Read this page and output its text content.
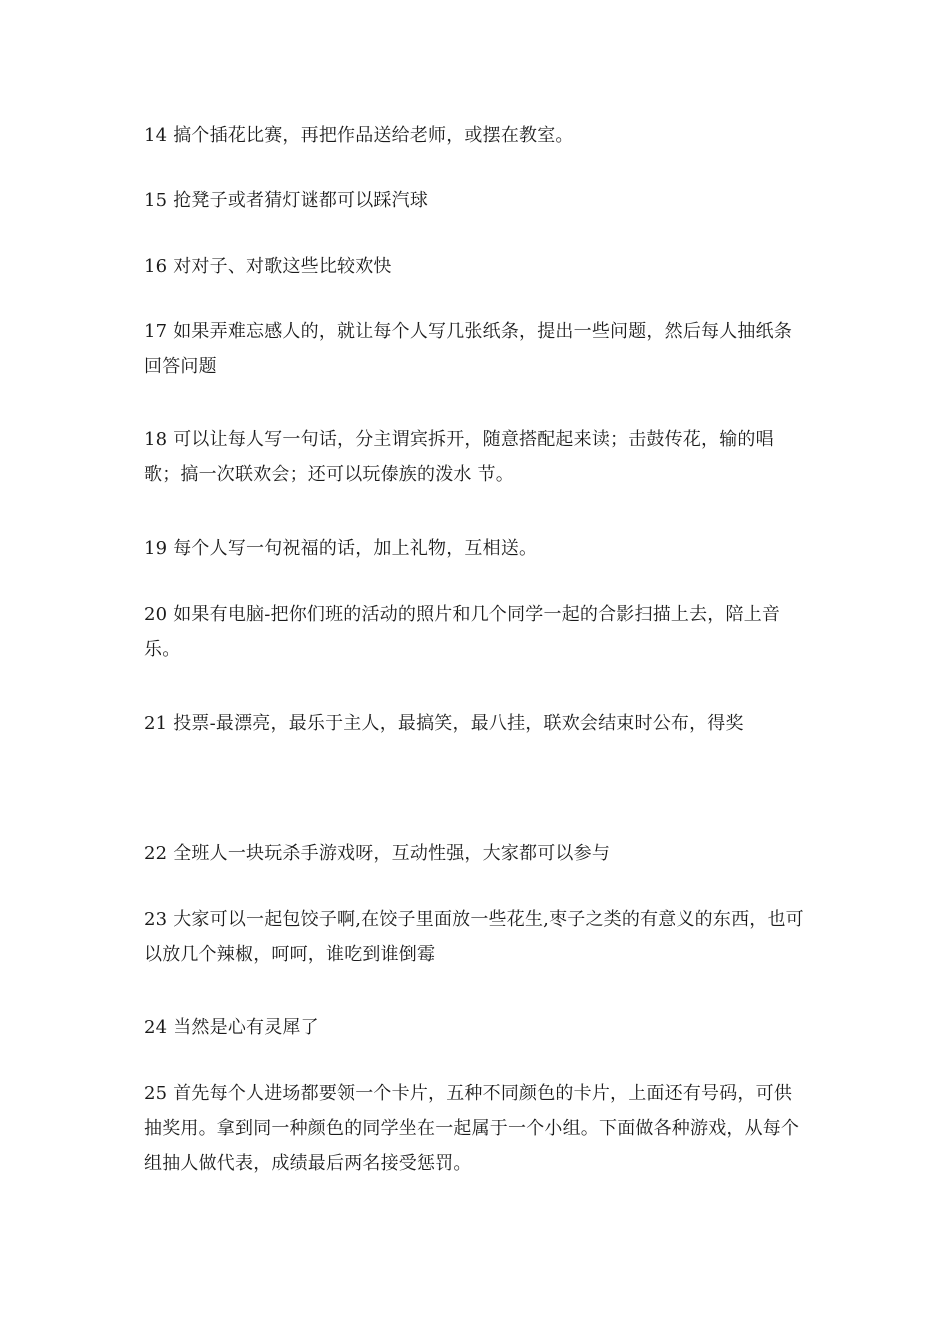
14 搞个插花比赛，再把作品送给老师，或摆在教室。

15 抢凳子或者猜灯谜都可以踩汽球

16 对对子、对歌这些比较欢快

17 如果弄难忘感人的，就让每个人写几张纸条，提出一些问题，然后每人抽纸条回答问题

18 可以让每人写一句话，分主谓宾拆开，随意搭配起来读；击鼓传花，输的唱歌；搞一次联欢会；还可以玩傣族的泼水 节。

19 每个人写一句祝福的话，加上礼物，互相送。

20 如果有电脑-把你们班的活动的照片和几个同学一起的合影扫描上去，陪上音乐。

21 投票-最漂亮，最乐于主人，最搞笑，最八挂，联欢会结束时公布，得奖

22 全班人一块玩杀手游戏呀，互动性强，大家都可以参与

23 大家可以一起包饺子啊,在饺子里面放一些花生,枣子之类的有意义的东西，也可以放几个辣椒，呵呵，谁吃到谁倒霉

24 当然是心有灵犀了

25 首先每个人进场都要领一个卡片，五种不同颜色的卡片，上面还有号码，可供抽奖用。拿到同一种颜色的同学坐在一起属于一个小组。下面做各种游戏，从每个组抽人做代表，成绩最后两名接受惩罚。
